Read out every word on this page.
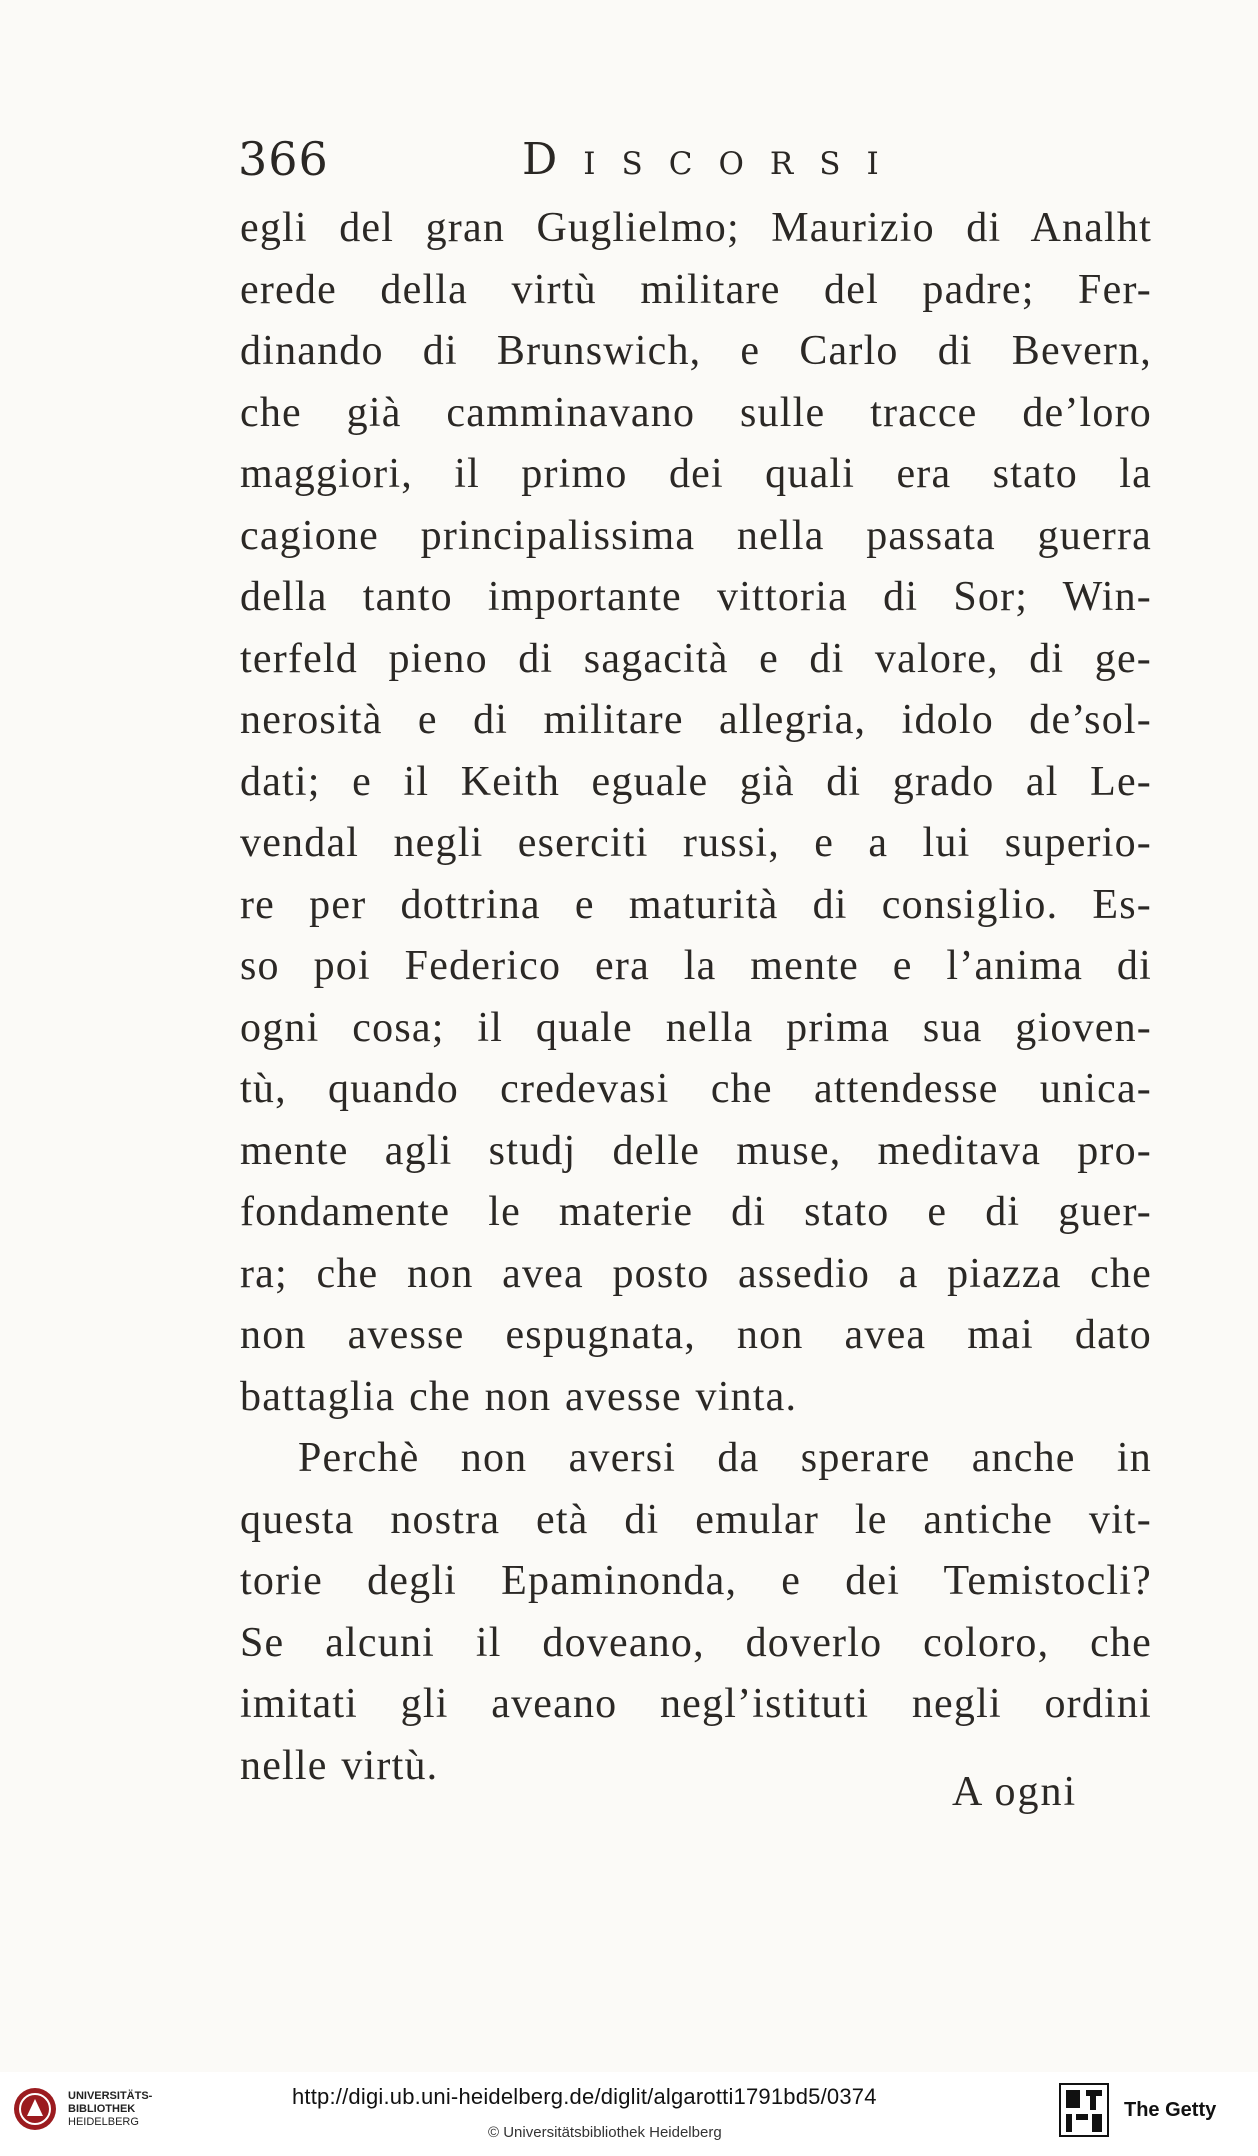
366	Discorsi
egli del gran Guglielmo; Maurizio di Analht
erede della virtù militare del padre; Fer-
dinando di Brunswich, e Carlo di Bevern,
che già camminavano sulle tracce de’loro
maggiori, il primo dei quali era stato la
cagione principalissima nella passata guerra
della tanto importante vittoria di Sor; Win-
terfeld pieno di sagacità e di valore, di ge-
nerosità e di militare allegria, idolo de’sol-
dati; e il Keith eguale già di grado al Le-
vendal negli eserciti russi, e a lui superio-
re per dottrina e maturità di consiglio. Es-
so poi Federico era la mente e l’anima di
ogni cosa; il quale nella prima sua gioven-
tù, quando credevasi che attendesse unica-
mente agli studj delle muse, meditava pro-
fondamente le materie di stato e di guer-
ra; che non avea posto assedio a piazza che
non avesse espugnata, non avea mai dato
battaglia che non avesse vinta.
Perchè non aversi da sperare anche in
questa nostra età di emular le antiche vit-
torie degli Epaminonda, e dei Temistocli?
Se alcuni il doveano, doverlo coloro, che
imitati gli aveano negl’istituti negli ordini
nelle virtù.
A ogni
UNIVERSITÄTS-
BIBLIOTHEK
HEIDELBERG
http://digi.ub.uni-heidelberg.de/diglit/algarotti1791bd5/0374
© Universitätsbibliothek Heidelberg
The Getty
